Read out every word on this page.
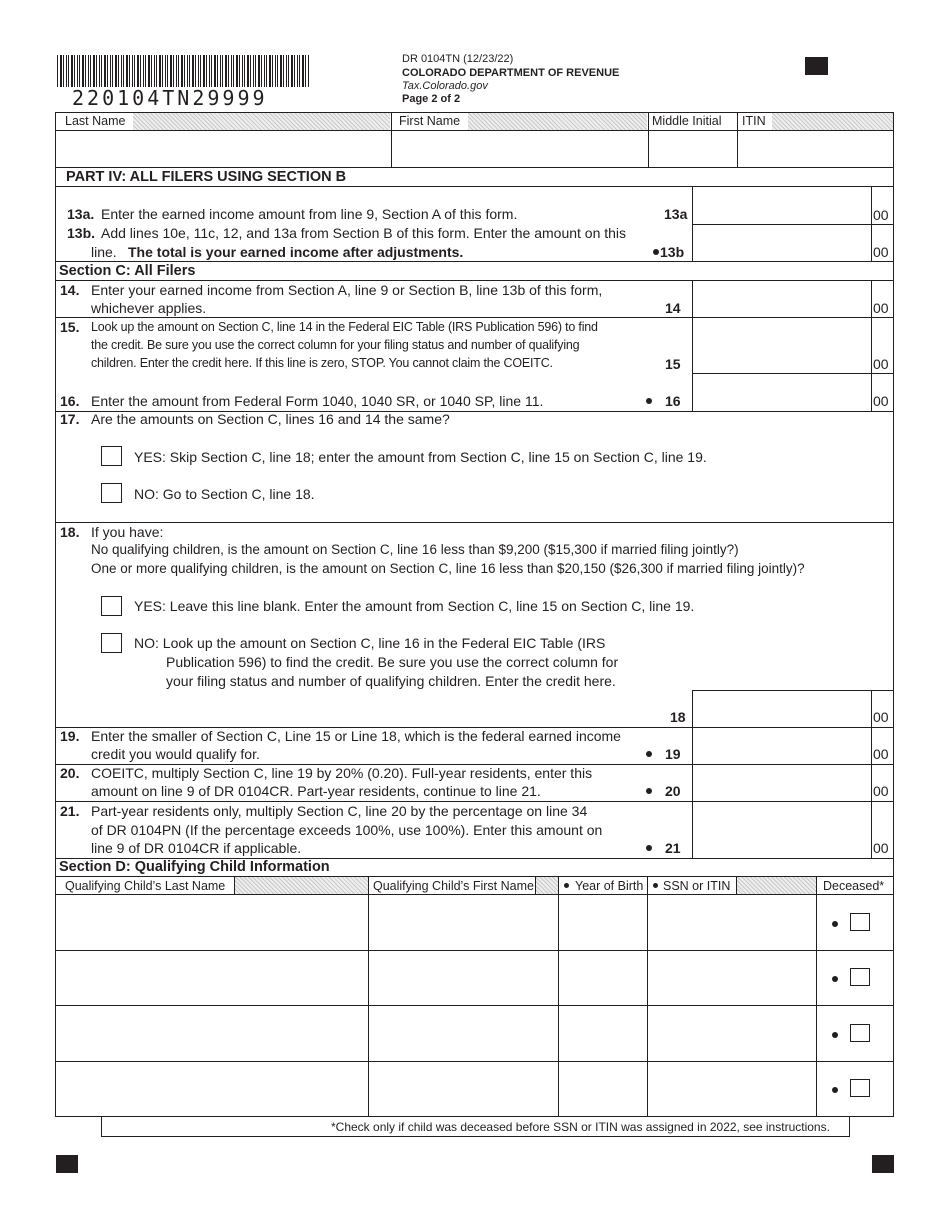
220104TN29999
DR 0104TN (12/23/22)
COLORADO DEPARTMENT OF REVENUE
Tax.Colorado.gov
Page 2 of 2
Last Name	First Name	Middle Initial ITIN
PART IV: ALL FILERS USING SECTION B
13a. Enter the earned income amount from line 9, Section A of this form.	13a	00
13b. Add lines 10e, 11c, 12, and 13a from Section B of this form. Enter the amount on this
line. The total is your earned income after adjustments.	13b	00
Section C: All Filers
14. Enter your earned income from Section A, line 9 or Section B, line 13b of this form,
whichever applies.	14	00
15. Look up the amount on Section C, line 14 in the Federal EIC Table (IRS Publication 596) to find
the credit. Be sure you use the correct column for your filing status and number of qualifying
children. Enter the credit here. If this line is zero, STOP. You cannot claim the COEITC.	15	00
16. Enter the amount from Federal Form 1040, 1040 SR, or 1040 SP, line 11.	16	00
17. Are the amounts on Section C, lines 16 and 14 the same?
YES: Skip Section C, line 18; enter the amount from Section C, line 15 on Section C, line 19.
NO: Go to Section C, line 18.
18. If you have:
No qualifying children, is the amount on Section C, line 16 less than $9,200 ($15,300 if married filing jointly?)
One or more qualifying children, is the amount on Section C, line 16 less than $20,150 ($26,300 if married filing jointly)?
YES: Leave this line blank. Enter the amount from Section C, line 15 on Section C, line 19.
NO: Look up the amount on Section C, line 16 in the Federal EIC Table (IRS
Publication 596) to find the credit. Be sure you use the correct column for
your filing status and number of qualifying children. Enter the credit here.
18	00
19. Enter the smaller of Section C, Line 15 or Line 18, which is the federal earned income
credit you would qualify for.	19	00
20. COEITC, multiply Section C, line 19 by 20% (0.20). Full-year residents, enter this
amount on line 9 of DR 0104CR. Part-year residents, continue to line 21.	20	00
21. Part-year residents only, multiply Section C, line 20 by the percentage on line 34
of DR 0104PN (If the percentage exceeds 100%, use 100%). Enter this amount on
line 9 of DR 0104CR if applicable.	21	00
Section D: Qualifying Child Information
Qualifying Child’s Last Name	Qualifying Child’s First Name	Year of Birth SSN or ITIN	Deceased*
*Check only if child was deceased before SSN or ITIN was assigned in 2022, see instructions.
